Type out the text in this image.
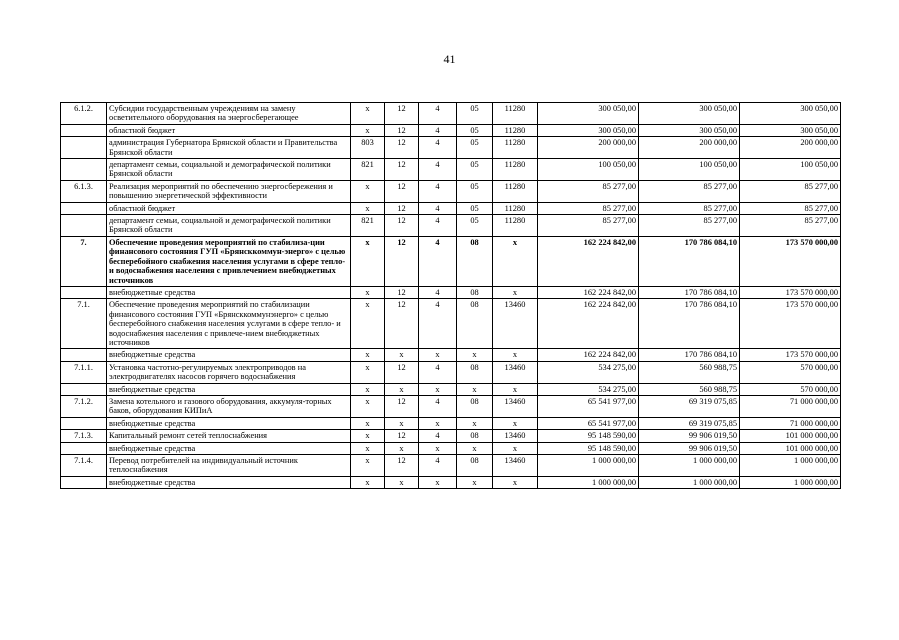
41
6.1.2.	Субсидии государственным учреждениям на замену осветительного оборудования на энергосберегающее	х	12	4	05	11280	300 050,00	300 050,00	300 050,00
	областной бюджет	х	12	4	05	11280	300 050,00	300 050,00	300 050,00
	администрация Губернатора Брянской области и Правительства Брянской области	803	12	4	05	11280	200 000,00	200 000,00	200 000,00
	департамент семьи, социальной и демографической политики Брянской области	821	12	4	05	11280	100 050,00	100 050,00	100 050,00
6.1.3.	Реализация мероприятий по обеспечению энергосбережения и повышению энергетической эффективности	х	12	4	05	11280	85 277,00	85 277,00	85 277,00
	областной бюджет	х	12	4	05	11280	85 277,00	85 277,00	85 277,00
	департамент семьи, социальной и демографической политики Брянской области	821	12	4	05	11280	85 277,00	85 277,00	85 277,00
7.	Обеспечение проведения мероприятий по стабилиза-ции финансового состояния ГУП «Брянсккоммун-энерго» с целью бесперебойного снабжения населения услугами в сфере тепло- и водоснабжения населения с привлечением внебюджетных источников	х	12	4	08	х	162 224 842,00	170 786 084,10	173 570 000,00
	внебюджетные средства	х	12	4	08	х	162 224 842,00	170 786 084,10	173 570 000,00
7.1.	Обеспечение проведения мероприятий по стабилизации финансового состояния ГУП «Брянсккоммунэнерго» с целью бесперебойного снабжения населения услугами в сфере тепло- и водоснабжения населения с привлече-нием внебюджетных источников	х	12	4	08	13460	162 224 842,00	170 786 084,10	173 570 000,00
	внебюджетные средства	х	х	х	х	х	162 224 842,00	170 786 084,10	173 570 000,00
7.1.1.	Установка частотно-регулируемых электроприводов на электродвигателях насосов горячего водоснабжения	х	12	4	08	13460	534 275,00	560 988,75	570 000,00
	внебюджетные средства	х	х	х	х	х	534 275,00	560 988,75	570 000,00
7.1.2.	Замена котельного и газового оборудования, аккумуля-торных баков, оборудования КИПиА	х	12	4	08	13460	65 541 977,00	69 319 075,85	71 000 000,00
	внебюджетные средства	х	х	х	х	х	65 541 977,00	69 319 075,85	71 000 000,00
7.1.3.	Капитальный ремонт сетей теплоснабжения	х	12	4	08	13460	95 148 590,00	99 906 019,50	101 000 000,00
	внебюджетные средства	х	х	х	х	х	95 148 590,00	99 906 019,50	101 000 000,00
7.1.4.	Перевод потребителей на индивидуальный источник теплоснабжения	х	12	4	08	13460	1 000 000,00	1 000 000,00	1 000 000,00
	внебюджетные средства	х	х	х	х	х	1 000 000,00	1 000 000,00	1 000 000,00
